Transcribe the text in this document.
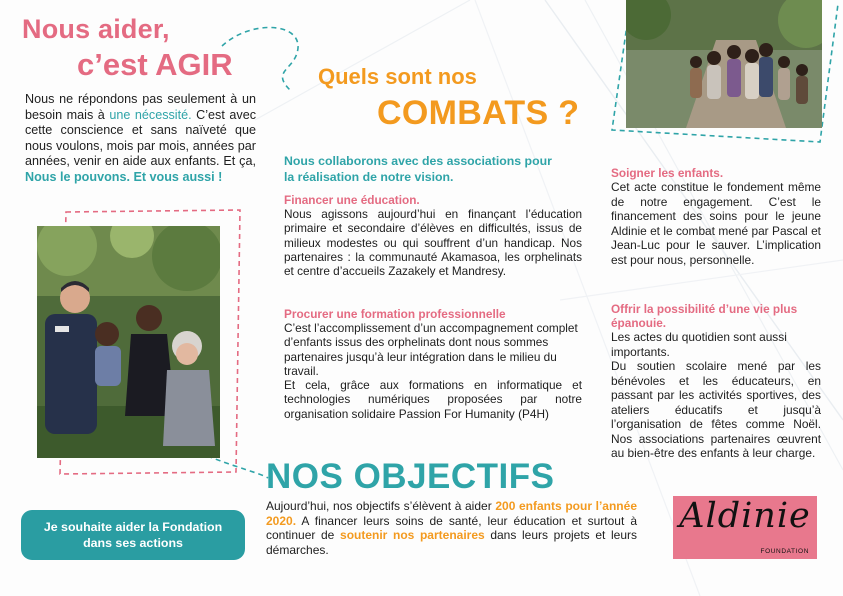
Nous aider,
c’est AGIR
Nous ne répondons pas seulement à un besoin mais à une nécessité. C’est avec cette conscience et sans naïveté que nous voulons, mois par mois, années par années, venir en aide aux enfants. Et ça, Nous le pouvons. Et vous aussi !
Je souhaite aider la Fondation
dans ses actions
Quels sont nos
COMBATS ?
Nous collaborons avec des associations pour la réalisation de notre vision.
Financer une éducation.
Nous agissons aujourd’hui en finançant l’éducation primaire et secondaire d’élèves en difficultés, issus de milieux modestes ou qui souffrent d’un handicap. Nos partenaires : la communauté Akamasoa, les orphelinats et centre d’accueils Zazakely et Mandresy.
Procurer une formation professionnelle
C’est l’accomplissement d’un accompagnement complet d’enfants issus des orphelinats dont nous sommes partenaires jusqu’à leur intégration dans le milieu du travail.
Et cela, grâce aux formations en informatique et technologies numériques proposées par notre organisation solidaire Passion For Humanity (P4H)
Soigner les enfants.
Cet acte constitue le fondement même de notre engagement. C’est le financement des soins pour le jeune Aldinie et le combat mené par Pascal et Jean-Luc pour le sauver. L’implication est pour nous, personnelle.
Offrir la possibilité d’une vie plus épanouie.
Les actes du quotidien sont aussi importants.
Du soutien scolaire mené par les bénévoles et les éducateurs, en passant par les activités sportives, des ateliers éducatifs et jusqu’à l’organisation de fêtes comme Noël. Nos associations partenaires œuvrent au bien-être des enfants à leur charge.
NOS OBJECTIFS
Aujourd’hui, nos objectifs s’élèvent à aider 200 enfants pour l’année 2020. A financer leurs soins de santé, leur éducation et surtout à continuer de soutenir nos partenaires dans leurs projets et leurs démarches.
Aldinie
FOUNDATION
